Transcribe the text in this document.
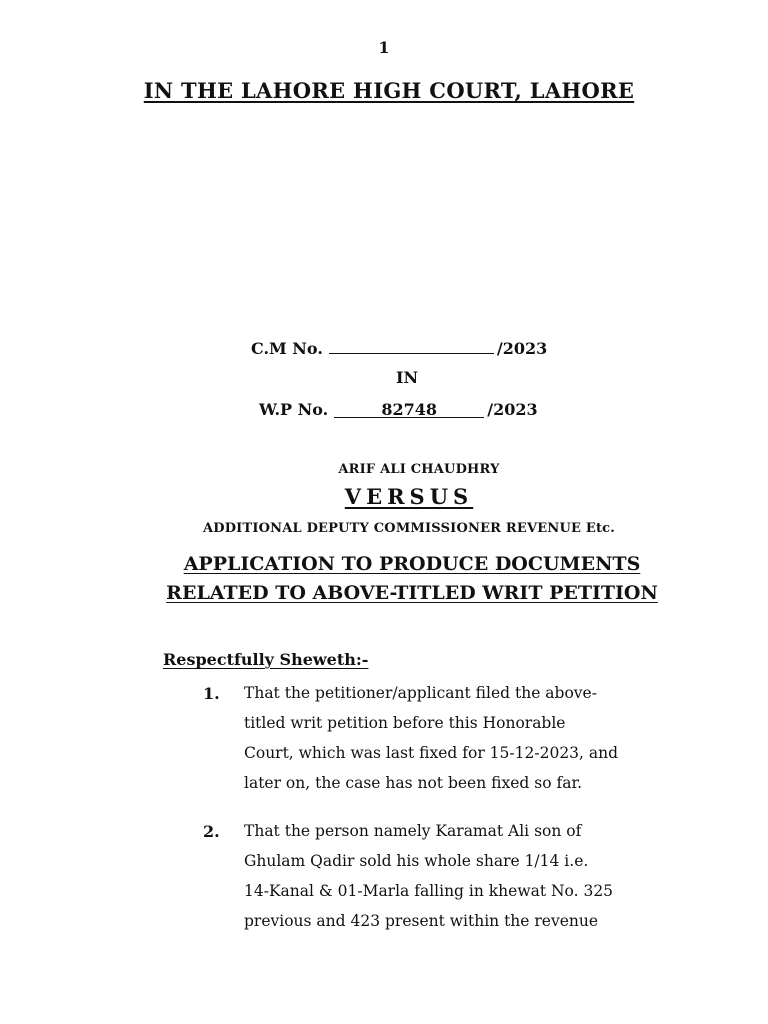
1
IN THE LAHORE HIGH COURT, LAHORE
C.M No.	/2023
IN
W.P No.	82748	/2023
ARIF ALI CHAUDHRY
VERSUS
ADDITIONAL DEPUTY COMMISSIONER REVENUE Etc.
APPLICATION TO PRODUCE DOCUMENTS
RELATED TO ABOVE-TITLED WRIT PETITION
Respectfully Sheweth:-
1. That the petitioner/applicant filed the above-
titled writ petition before this Honorable
Court, which was last fixed for 15-12-2023, and
later on, the case has not been fixed so far.
2. That the person namely Karamat Ali son of
Ghulam Qadir sold his whole share 1/14 i.e.
14-Kanal & 01-Marla falling in khewat No. 325
previous and 423 present within the revenue
